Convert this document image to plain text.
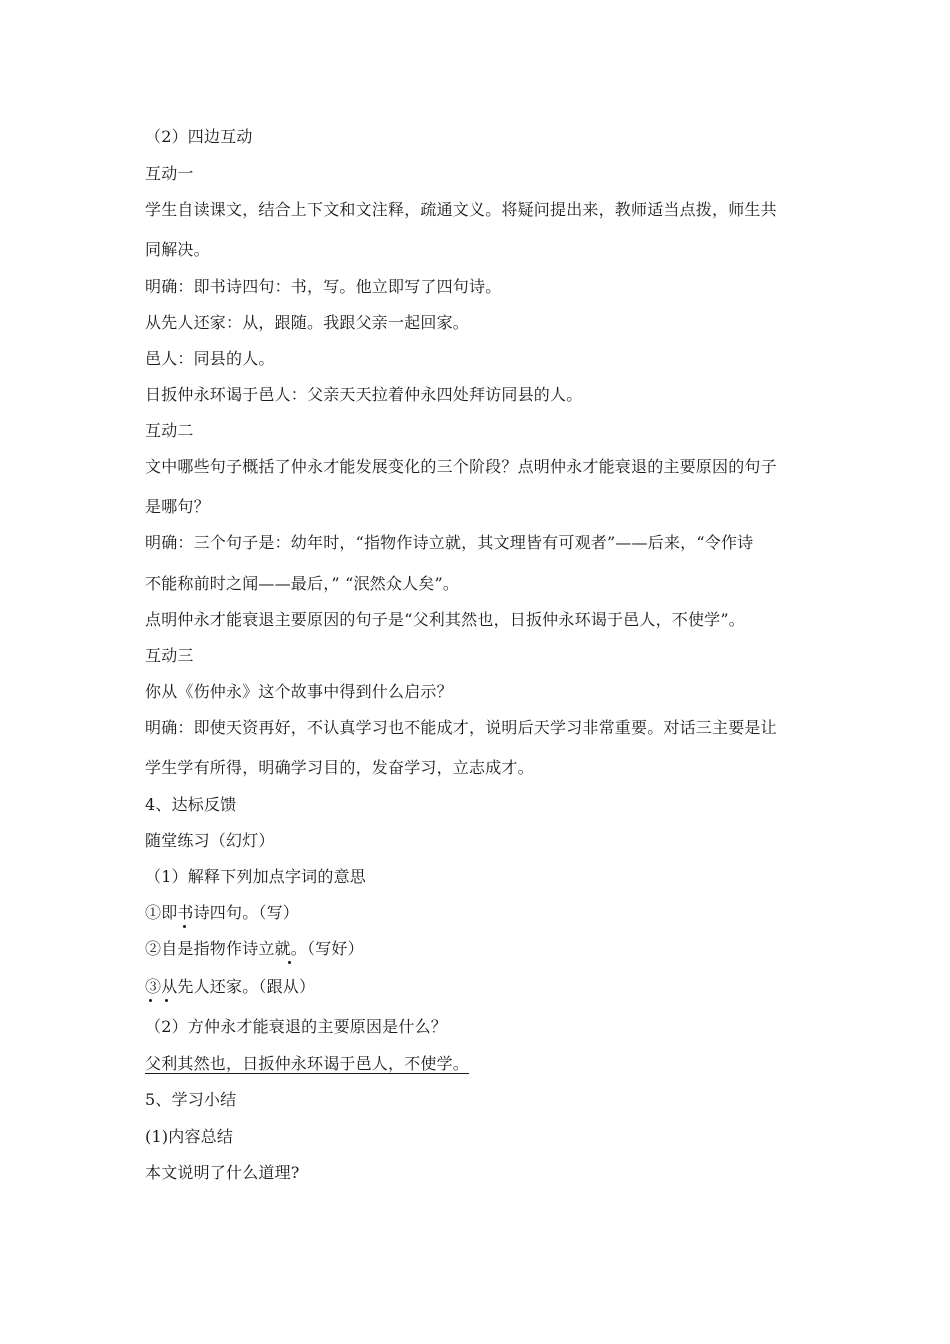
（2）四边互动
互动一
学生自读课文，结合上下文和文注释，疏通文义。将疑问提出来，教师适当点拨，师生共
同解决。
明确：即书诗四句：书，写。他立即写了四句诗。
从先人还家：从，跟随。我跟父亲一起回家。
邑人：同县的人。
日扳仲永环谒于邑人：父亲天天拉着仲永四处拜访同县的人。
互动二
文中哪些句子概括了仲永才能发展变化的三个阶段？点明仲永才能衰退的主要原因的句子
是哪句？
明确：三个句子是：幼年时，“指物作诗立就，其文理皆有可观者”——后来，“令作诗
不能称前时之闻——最后，” “泯然众人矣”。
点明仲永才能衰退主要原因的句子是“父利其然也，日扳仲永环谒于邑人，不使学”。
互动三
你从《伤仲永》这个故事中得到什么启示？
明确：即使天资再好，不认真学习也不能成才，说明后天学习非常重要。对话三主要是让
学生学有所得，明确学习目的，发奋学习，立志成才。
4、达标反馈
随堂练习（幻灯）
（1）解释下列加点字词的意思
①即书诗四句。（写）
②自是指物作诗立就。（写好）
③从先人还家。（跟从）
（2）方仲永才能衰退的主要原因是什么？
父利其然也，日扳仲永环谒于邑人，不使学。
5、学习小结
(1)内容总结
本文说明了什么道理?
